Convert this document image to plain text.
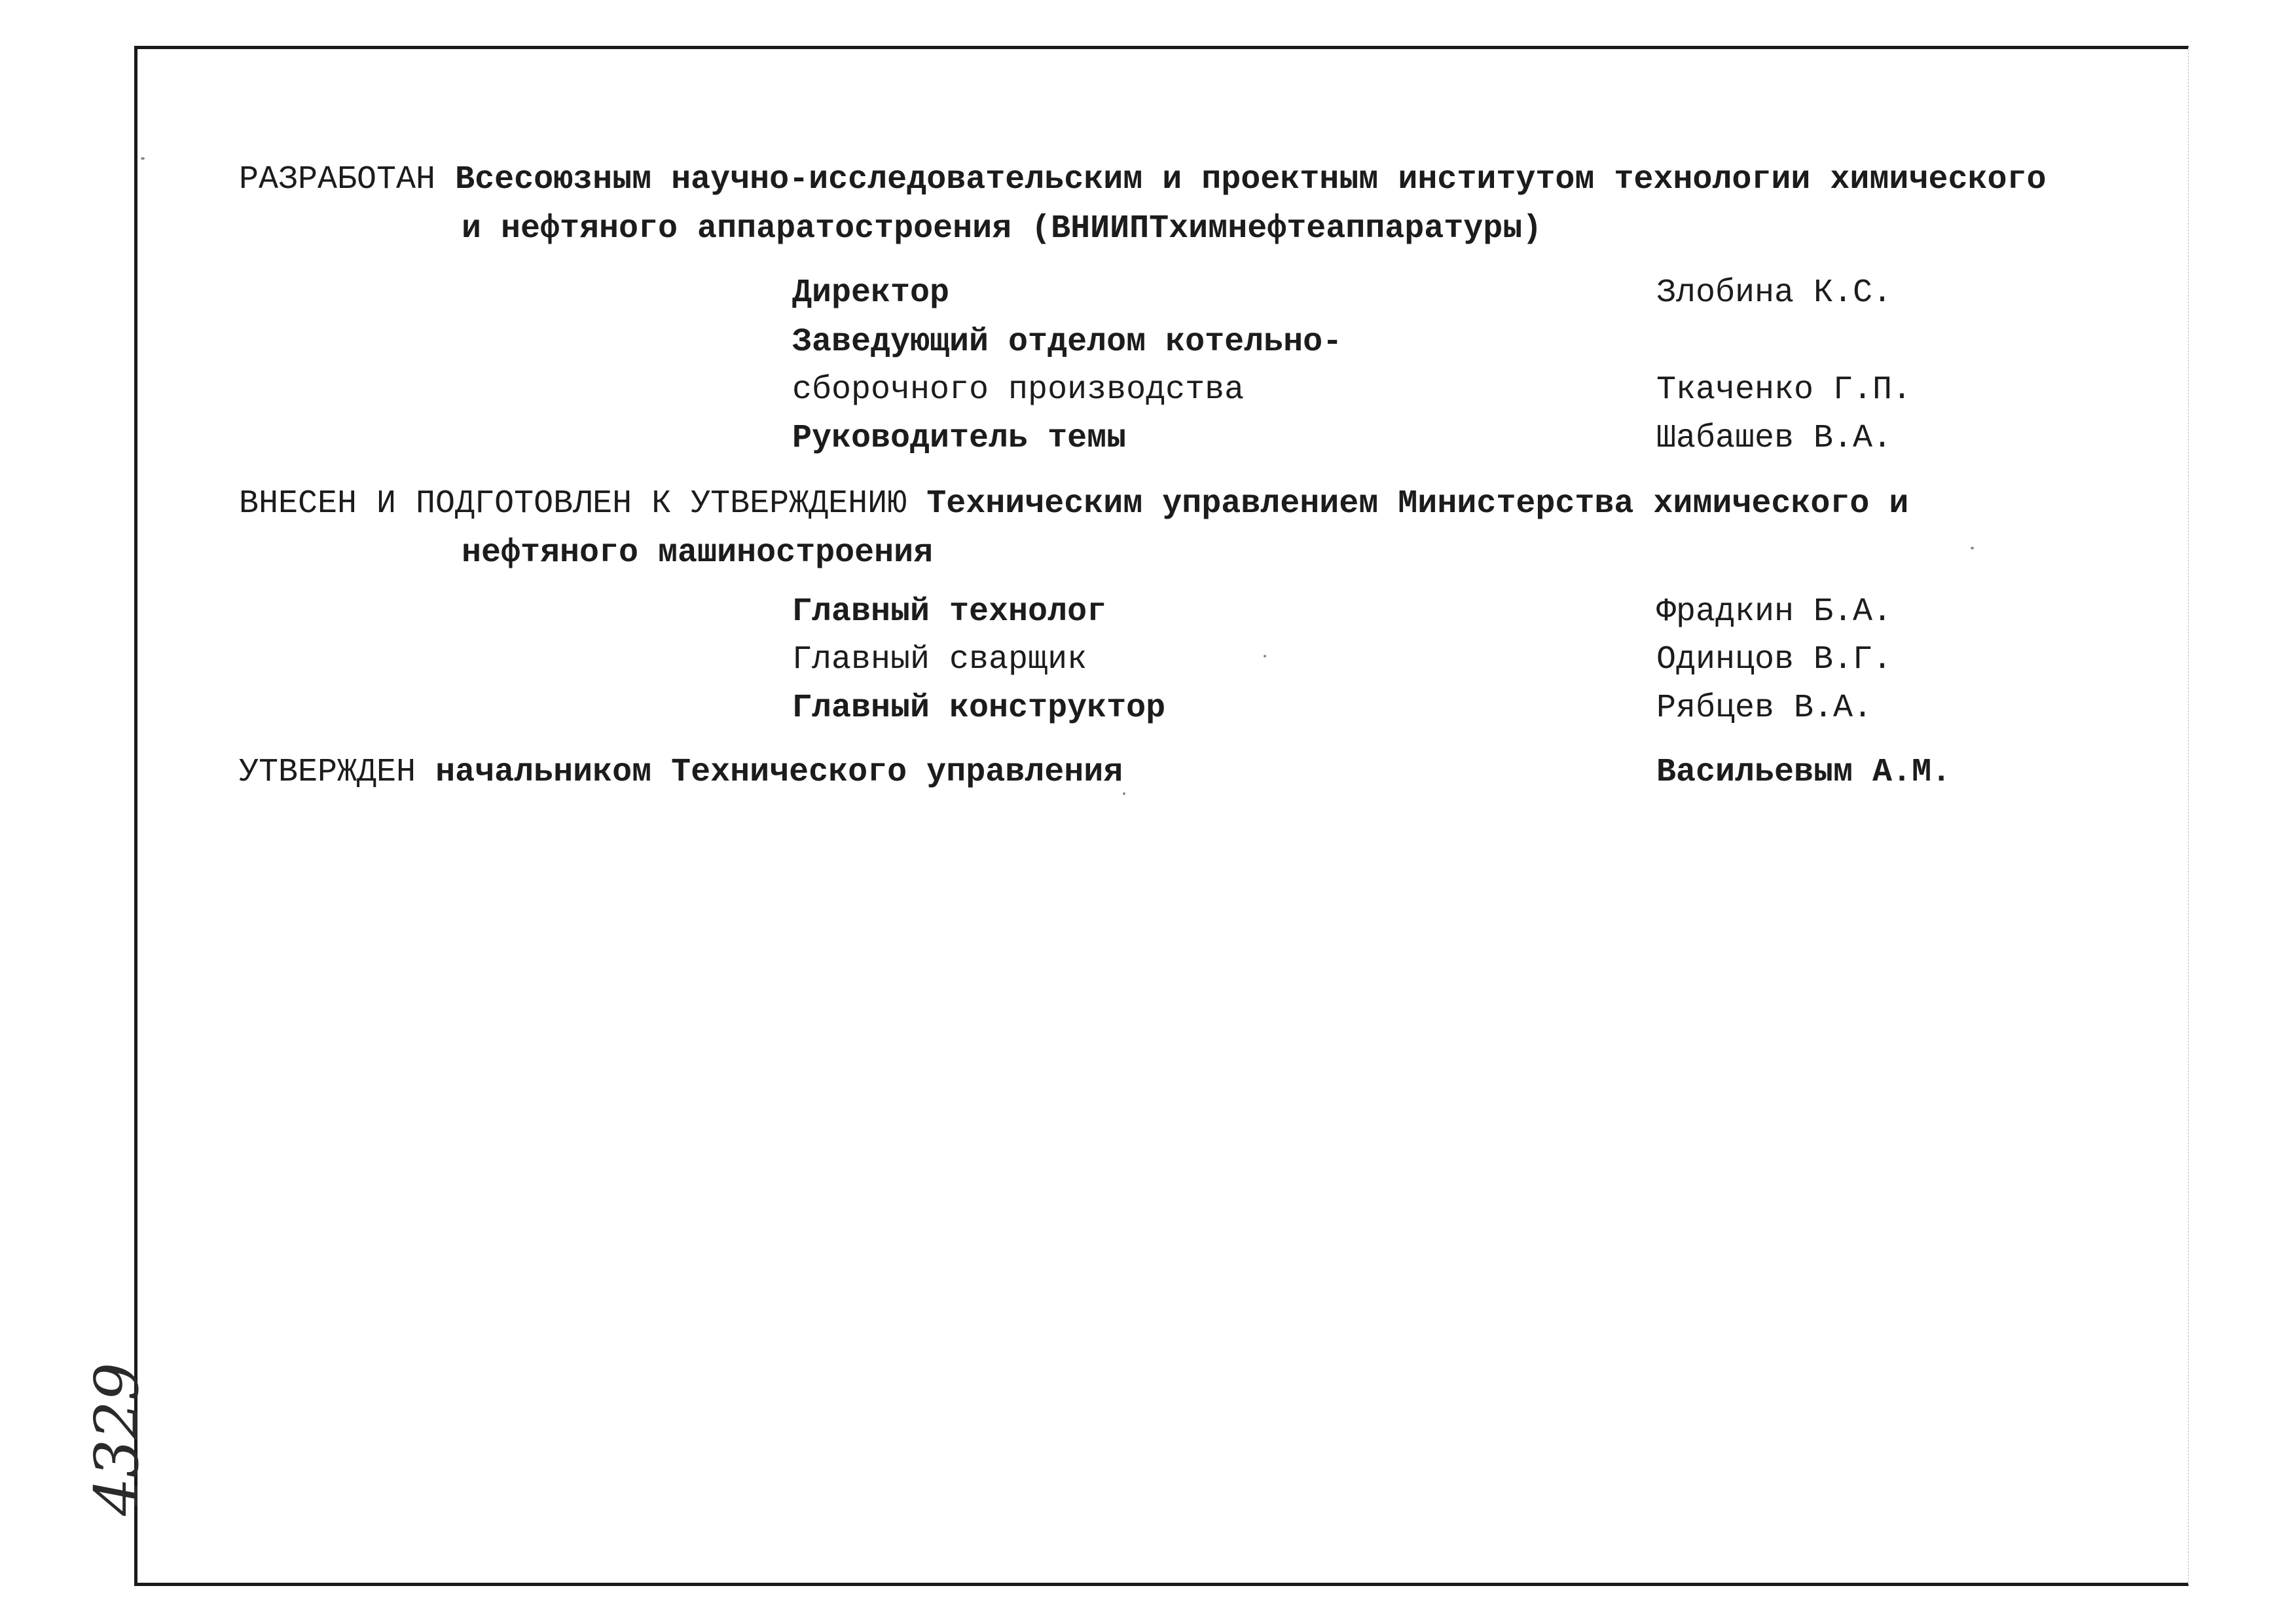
РАЗРАБОТАН Всесоюзным научно-исследовательским и проектным институтом технологии химического
и нефтяного аппаратостроения (ВНИИПТхимнефтеаппаратуры)
Директор	Злобина К.С.
Заведующий отделом котельно-
сборочного производства	Ткаченко Г.П.
Руководитель темы	Шабашев В.А.
ВНЕСЕН И ПОДГОТОВЛЕН К УТВЕРЖДЕНИЮ Техническим управлением Министерства химического и
нефтяного машиностроения
Главный технолог	Фрадкин Б.А.
Главный сварщик	Одинцов В.Г.
Главный конструктор	Рябцев В.А.
УТВЕРЖДЕН начальником Технического управления	Васильевым А.М.
4329
